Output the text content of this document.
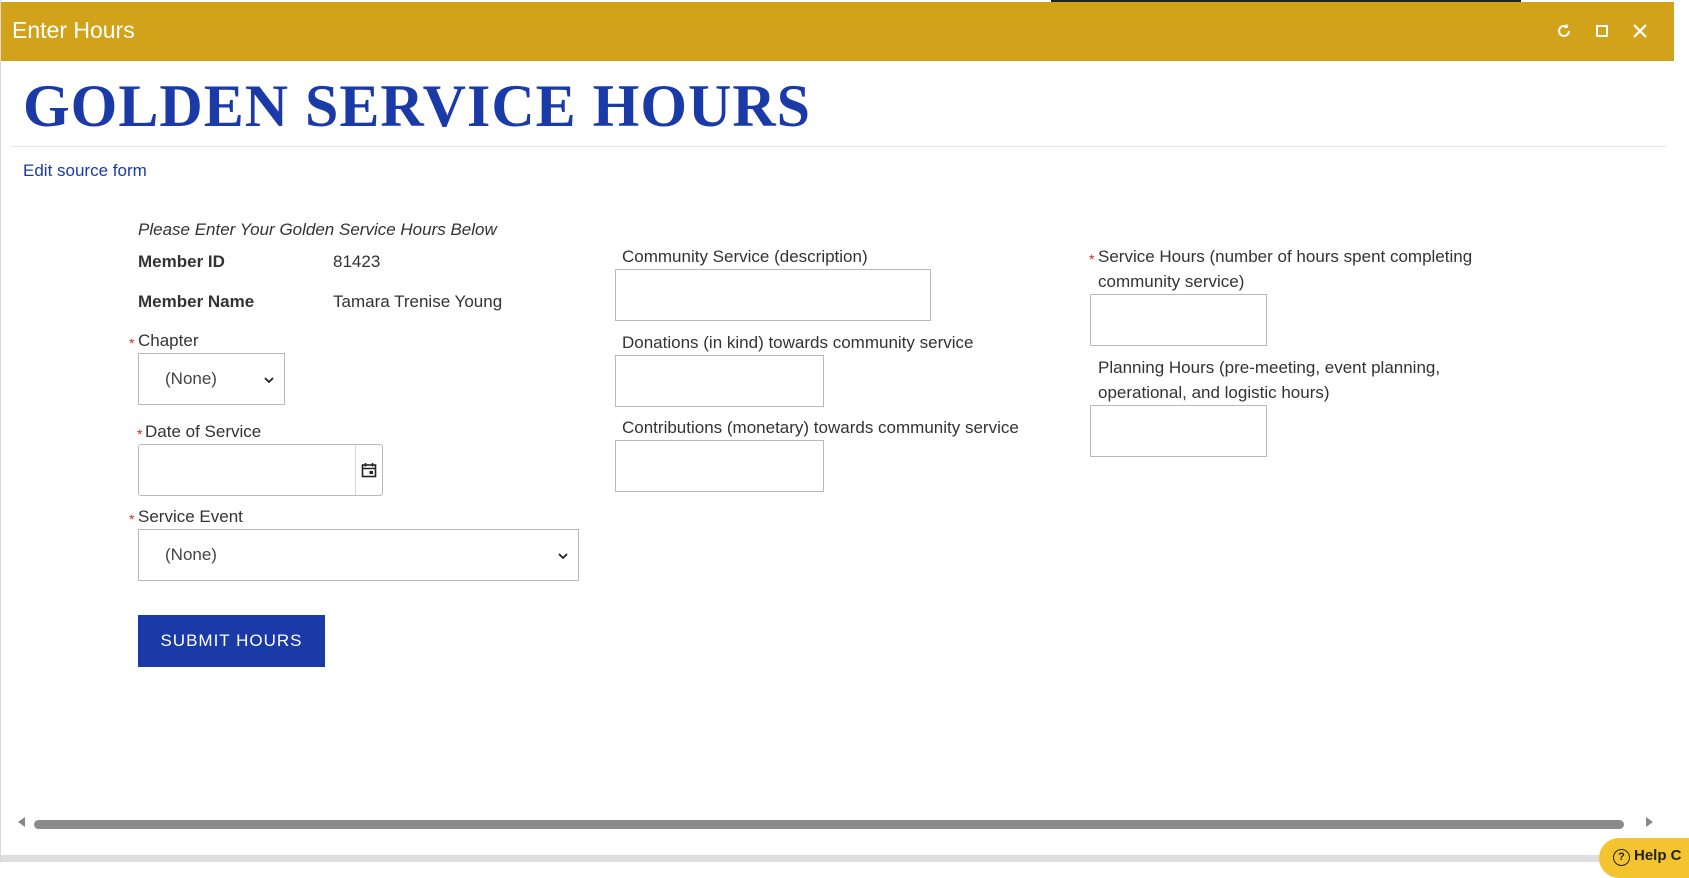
Enter Hours
GOLDEN SERVICE HOURS
Edit source form
Please Enter Your Golden Service Hours Below
Member ID	81423
Member Name	Tamara Trenise Young
* Chapter
(None)
* Date of Service
* Service Event
(None)
SUBMIT HOURS
Community Service (description)
Donations (in kind) towards community service
Contributions (monetary) towards community service
* Service Hours (number of hours spent completing
community service)
Planning Hours (pre-meeting, event planning,
operational, and logistic hours)
? Help C
